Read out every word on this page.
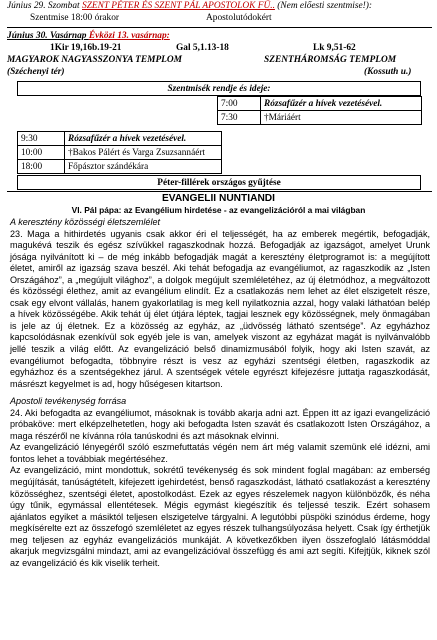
Június 29. Szombat SZENT PÉTER ÉS SZENT PÁL APOSTOLOK FŰ.. (Nem előesti szentmise!):
Szentmise 18:00 órakor	Apostolutódokért
Június 30. Vasárnap Évközi 13. vasárnap:
1Kir 19,16b.19-21	Gal 5,1.13-18	Lk 9,51-62
MAGYAROK NAGYASSZONYA TEMPLOM	SZENTHÁROMSÁG TEMPLOM
(Széchenyi tér)	(Kossuth u.)
Szentmisék rendje és ideje:
7:00	Rózsafűzér a hívek vezetésével.
7:30	†Máriáért
9:30	Rózsafűzér a hívek vezetésével.
10:00	†Bakos Pálért és Varga Zsuzsannáért
18:00	Főpásztor szándékára
Péter-fillérek országos gyűjtése
EVANGELII NUNTIANDI
VI. Pál pápa: az Evangélium hirdetése - az evangelizációról a mai világban

A keresztény közösségi életszemlélet

23. Maga a hithirdetés ugyanis csak akkor éri el teljességét, ha az emberek megértik, befogadják, magukévá teszik és egész szívükkel ragaszkodnak hozzá. Befogadják az igazságot, amelyet Urunk jósága nyilvánított ki – de még inkább befogadják magát a keresztény életprogramot is: a megújított életet, amiről az igazság szava beszél. Aki tehát befogadja az evangéliumot, az ragaszkodik az „Isten Országához”, a „megújult világhoz”, a dolgok megújult szemléletéhez, az új életmódhoz, a megváltozott és közösségi élethez, amit az evangélium elindít. Ez a csatlakozás nem lehet az élet elszigetelt része, csak egy elvont vállalás, hanem gyakorlatilag is meg kell nyilatkoznia azzal, hogy valaki láthatóan belép a hívek közösségébe. Akik tehát új élet útjára léptek, tagjai lesznek egy közösségnek, mely önmagában is jele az új életnek. Ez a közösség az egyház, az „üdvösség látható szentsége”. Az egyházhoz kapcsolódásnak ezenkívül sok egyéb jele is van, amelyek viszont az egyházat magát is nyilvánvalóbb jellé teszik a világ előtt. Az evangelizáció belső dinamizmusából folyik, hogy aki Isten szavát, az evangéliumot befogadta, többnyire részt is vesz az egyházi szentségi életben, ragaszkodik az egyházhoz és a szentségekhez járul. A szentségek vétele egyrészt kifejezésre juttatja ragaszkodását, másrészt kegyelmet is ad, hogy hűségesen kitartson.

Apostoli tevékenység forrása

24. Aki befogadta az evangéliumot, másoknak is tovább akarja adni azt. Éppen itt az igazi evangelizáció próbaköve: mert elképzelhetetlen, hogy aki befogadta Isten szavát és csatlakozott Isten Országához, a maga részéről ne kívánna róla tanúskodni és azt másoknak elvinni.

Az evangelizáció lényegéről szóló eszmefuttatás végén nem árt még valamit szemünk elé idézni, ami fontos lehet a továbbiak megértéséhez.

Az evangelizáció, mint mondottuk, sokrétű tevékenység és sok mindent foglal magában: az emberség megújítását, tanúságtételt, kifejezett igehirdetést, benső ragaszkodást, látható csatlakozást a keresztény közösséghez, szentségi életet, apostolkodást. Ezek az egyes részelemek nagyon különbözők, és néha úgy tűnik, egymással ellentétesek. Mégis egymást kiegészítik és teljessé teszik. Ezért sohasem ajánlatos egyiket a másiktól teljesen elszigetelve tárgyalni. A legutóbbi püspöki szinódus érdeme, hogy megkísérelte ezt az összefogó szemléletet az egyes részek tulhangsúlyozása helyett. Csak így érthetjük meg teljesen az egyház evangelizációs munkáját. A következőkben ilyen összefoglaló látásmóddal akarjuk megvizsgálni mindazt, ami az evangelizációval összefügg és ami azt segíti. Kifejtjük, kiknek szól az evangelizáció és kik viselik terheit.
